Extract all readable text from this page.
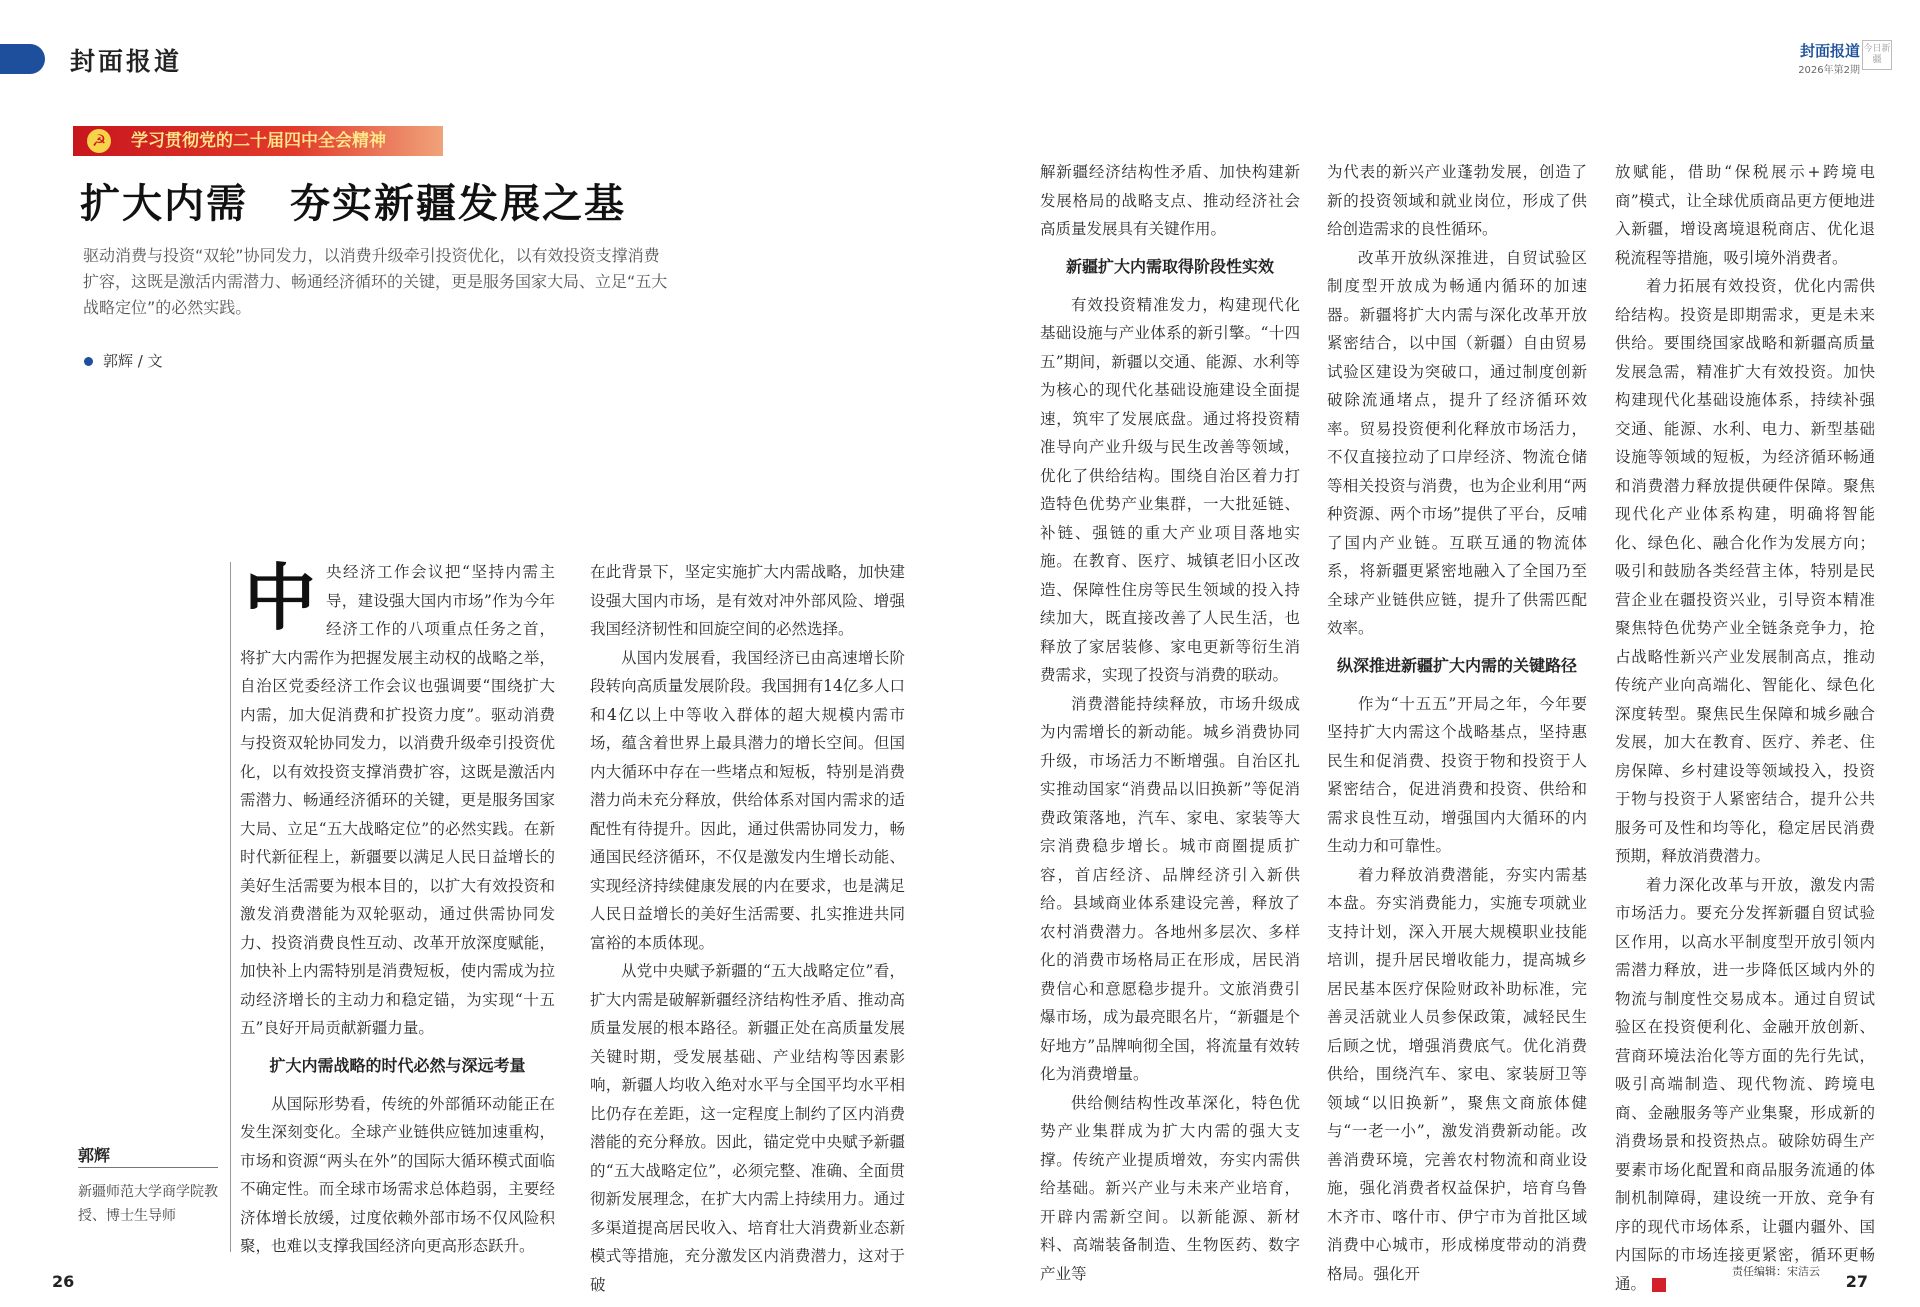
封面报道	封面报道
2026年第2期
今日新疆
☭ 学习贯彻党的二十届四中全会精神
扩大内需　夯实新疆发展之基
驱动消费与投资“双轮”协同发力，以消费升级牵引投资优化，以有效投资支撑消费扩容，这既是激活内需潜力、畅通经济循环的关键，更是服务国家大局、立足“五大战略定位”的必然实践。
郭辉 / 文
中 央经济工作会议把“坚持内需主导，建设强大国内市场”作为今年经济工作的八项重点任务之首，将扩大内需作为把握发展主动权的战略之举，自治区党委经济工作会议也强调要“围绕扩大内需，加大促消费和扩投资力度”。驱动消费与投资双轮协同发力，以消费升级牵引投资优化，以有效投资支撑消费扩容，这既是激活内需潜力、畅通经济循环的关键，更是服务国家大局、立足“五大战略定位”的必然实践。在新时代新征程上，新疆要以满足人民日益增长的美好生活需要为根本目的，以扩大有效投资和激发消费潜能为双轮驱动，通过供需协同发力、投资消费良性互动、改革开放深度赋能，加快补上内需特别是消费短板，使内需成为拉动经济增长的主动力和稳定锚，为实现“十五五”良好开局贡献新疆力量。

扩大内需战略的时代必然与深远考量

从国际形势看，传统的外部循环动能正在发生深刻变化。全球产业链供应链加速重构，市场和资源“两头在外”的国际大循环模式面临不确定性。而全球市场需求总体趋弱，主要经济体增长放缓，过度依赖外部市场不仅风险积聚，也难以支撑我国经济向更高形态跃升。

在此背景下，坚定实施扩大内需战略，加快建设强大国内市场，是有效对冲外部风险、增强我国经济韧性和回旋空间的必然选择。

从国内发展看，我国经济已由高速增长阶段转向高质量发展阶段。我国拥有14亿多人口和4亿以上中等收入群体的超大规模内需市场，蕴含着世界上最具潜力的增长空间。但国内大循环中存在一些堵点和短板，特别是消费潜力尚未充分释放，供给体系对国内需求的适配性有待提升。因此，通过供需协同发力，畅通国民经济循环，不仅是激发内生增长动能、实现经济持续健康发展的内在要求，也是满足人民日益增长的美好生活需要、扎实推进共同富裕的本质体现。

从党中央赋予新疆的“五大战略定位”看，扩大内需是破解新疆经济结构性矛盾、推动高质量发展的根本路径。新疆正处在高质量发展关键时期，受发展基础、产业结构等因素影响，新疆人均收入绝对水平与全国平均水平相比仍存在差距，这一定程度上制约了区内消费潜能的充分释放。因此，锚定党中央赋予新疆的“五大战略定位”，必须完整、准确、全面贯彻新发展理念，在扩大内需上持续用力。通过多渠道提高居民收入、培育壮大消费新业态新模式等措施，充分激发区内消费潜力，这对于破

解新疆经济结构性矛盾、加快构建新发展格局的战略支点、推动经济社会高质量发展具有关键作用。

新疆扩大内需取得阶段性实效

有效投资精准发力，构建现代化基础设施与产业体系的新引擎。“十四五”期间，新疆以交通、能源、水利等为核心的现代化基础设施建设全面提速，筑牢了发展底盘。通过将投资精准导向产业升级与民生改善等领域，优化了供给结构。围绕自治区着力打造特色优势产业集群，一大批延链、补链、强链的重大产业项目落地实施。在教育、医疗、城镇老旧小区改造、保障性住房等民生领域的投入持续加大，既直接改善了人民生活，也释放了家居装修、家电更新等衍生消费需求，实现了投资与消费的联动。

消费潜能持续释放，市场升级成为内需增长的新动能。城乡消费协同升级，市场活力不断增强。自治区扎实推动国家“消费品以旧换新”等促消费政策落地，汽车、家电、家装等大宗消费稳步增长。城市商圈提质扩容，首店经济、品牌经济引入新供给。县域商业体系建设完善，释放了农村消费潜力。各地州多层次、多样化的消费市场格局正在形成，居民消费信心和意愿稳步提升。文旅消费引爆市场，成为最亮眼名片，“新疆是个好地方”品牌响彻全国，将流量有效转化为消费增量。

供给侧结构性改革深化，特色优势产业集群成为扩大内需的强大支撑。传统产业提质增效，夯实内需供给基础。新兴产业与未来产业培育，开辟内需新空间。以新能源、新材料、高端装备制造、生物医药、数字产业等

为代表的新兴产业蓬勃发展，创造了新的投资领域和就业岗位，形成了供给创造需求的良性循环。

改革开放纵深推进，自贸试验区制度型开放成为畅通内循环的加速器。新疆将扩大内需与深化改革开放紧密结合，以中国（新疆）自由贸易试验区建设为突破口，通过制度创新破除流通堵点，提升了经济循环效率。贸易投资便利化释放市场活力，不仅直接拉动了口岸经济、物流仓储等相关投资与消费，也为企业利用“两种资源、两个市场”提供了平台，反哺了国内产业链。互联互通的物流体系，将新疆更紧密地融入了全国乃至全球产业链供应链，提升了供需匹配效率。

纵深推进新疆扩大内需的关键路径

作为“十五五”开局之年，今年要坚持扩大内需这个战略基点，坚持惠民生和促消费、投资于物和投资于人紧密结合，促进消费和投资、供给和需求良性互动，增强国内大循环的内生动力和可靠性。

着力释放消费潜能，夯实内需基本盘。夯实消费能力，实施专项就业支持计划，深入开展大规模职业技能培训，提升居民增收能力，提高城乡居民基本医疗保险财政补助标准，完善灵活就业人员参保政策，减轻民生后顾之忧，增强消费底气。优化消费供给，围绕汽车、家电、家装厨卫等领域“以旧换新”，聚焦文商旅体健与“一老一小”，激发消费新动能。改善消费环境，完善农村物流和商业设施，强化消费者权益保护，培育乌鲁木齐市、喀什市、伊宁市为首批区域消费中心城市，形成梯度带动的消费格局。强化开

放赋能，借助“保税展示+跨境电商”模式，让全球优质商品更方便地进入新疆，增设离境退税商店、优化退税流程等措施，吸引境外消费者。

着力拓展有效投资，优化内需供给结构。投资是即期需求，更是未来供给。要围绕国家战略和新疆高质量发展急需，精准扩大有效投资。加快构建现代化基础设施体系，持续补强交通、能源、水利、电力、新型基础设施等领域的短板，为经济循环畅通和消费潜力释放提供硬件保障。聚焦现代化产业体系构建，明确将智能化、绿色化、融合化作为发展方向；吸引和鼓励各类经营主体，特别是民营企业在疆投资兴业，引导资本精准聚焦特色优势产业全链条竞争力，抢占战略性新兴产业发展制高点，推动传统产业向高端化、智能化、绿色化深度转型。聚焦民生保障和城乡融合发展，加大在教育、医疗、养老、住房保障、乡村建设等领域投入，投资于物与投资于人紧密结合，提升公共服务可及性和均等化，稳定居民消费预期，释放消费潜力。

着力深化改革与开放，激发内需市场活力。要充分发挥新疆自贸试验区作用，以高水平制度型开放引领内需潜力释放，进一步降低区域内外的物流与制度性交易成本。通过自贸试验区在投资便利化、金融开放创新、营商环境法治化等方面的先行先试，吸引高端制造、现代物流、跨境电商、金融服务等产业集聚，形成新的消费场景和投资热点。破除妨碍生产要素市场化配置和商品服务流通的体制机制障碍，建设统一开放、竞争有序的现代市场体系，让疆内疆外、国内国际的市场连接更紧密，循环更畅通。

郭辉
新疆师范大学商学院教授、博士生导师
26	27
责任编辑：宋洁云
